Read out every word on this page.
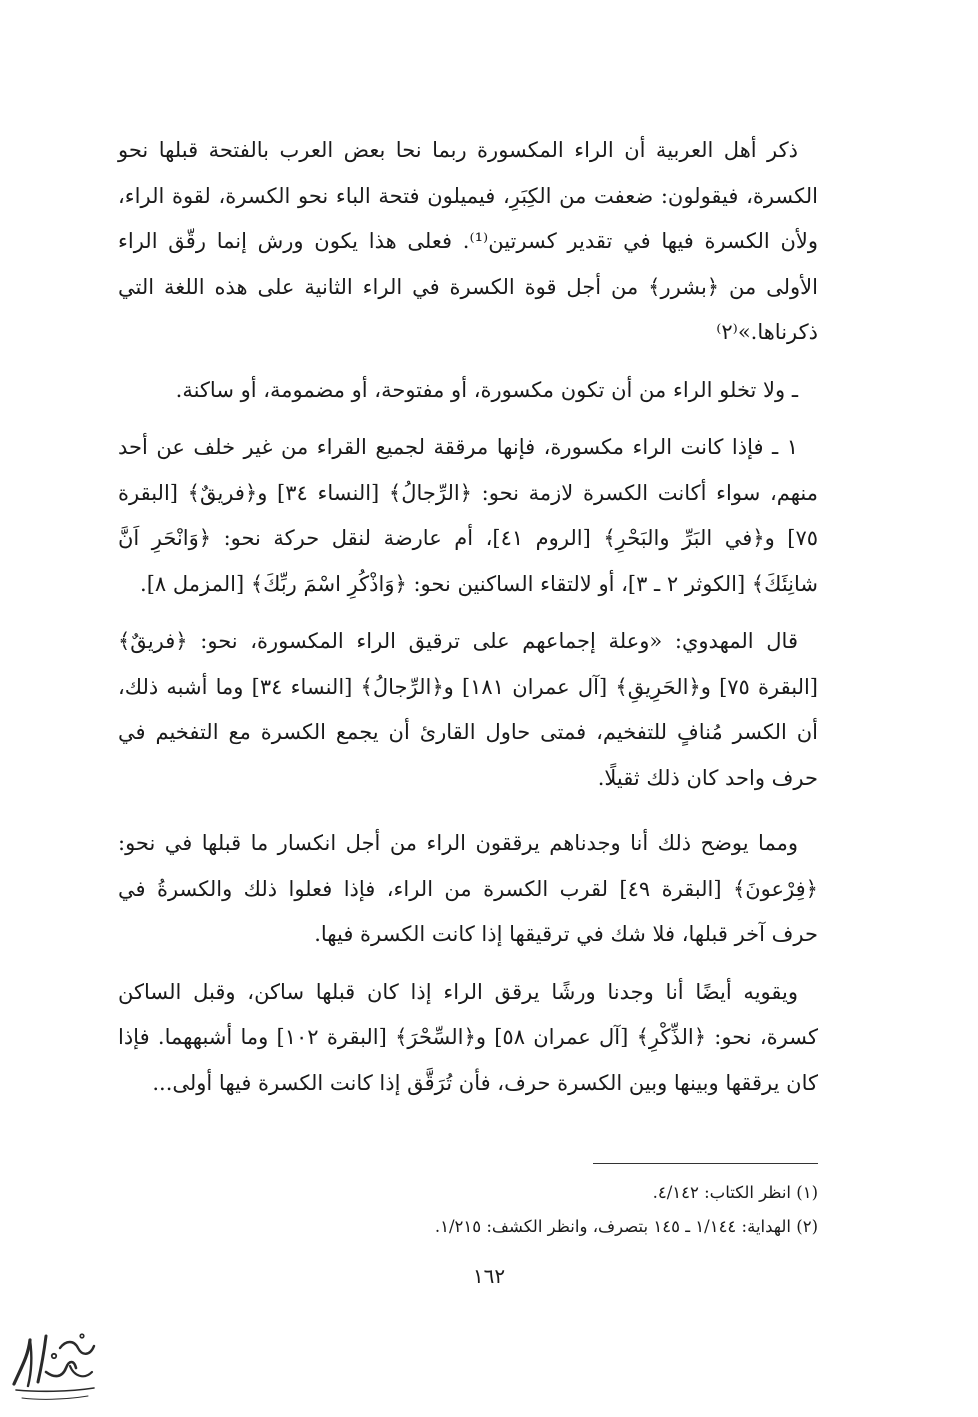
ذكر أهل العربية أن الراء المكسورة ربما نحا بعض العرب بالفتحة قبلها نحو الكسرة، فيقولون: ضعفت من الكِبَرِ، فيميلون فتحة الباء نحو الكسرة، لقوة الراء، ولأن الكسرة فيها في تقدير كسرتين⁽¹⁾. فعلى هذا يكون ورش إنما رقّق الراء الأولى من ﴿بشرر﴾ من أجل قوة الكسرة في الراء الثانية على هذه اللغة التي ذكرناها.»⁽٢⁾

ـ ولا تخلو الراء من أن تكون مكسورة، أو مفتوحة، أو مضمومة، أو ساكنة.

١ ـ فإذا كانت الراء مكسورة، فإنها مرققة لجميع القراء من غير خلف عن أحد منهم، سواء أكانت الكسرة لازمة نحو: ﴿الرِّجالُ﴾ [النساء ٣٤] و﴿فريقٌ﴾ [البقرة ٧٥] و﴿في البَرِّ والبَحْرِ﴾ [الروم ٤١]، أم عارضة لنقل حركة نحو: ﴿وَانْحَرِ اَنَّ شانِئَكَ﴾ [الكوثر ٢ ـ ٣]، أو لالتقاء الساكنين نحو: ﴿وَاذْكُرِ اسْمَ ربِّكَ﴾ [المزمل ٨].

قال المهدوي: «وعلة إجماعهم على ترقيق الراء المكسورة، نحو: ﴿فريقٌ﴾ [البقرة ٧٥] و﴿الحَرِيقِ﴾ [آل عمران ١٨١] و﴿الرِّجالُ﴾ [النساء ٣٤] وما أشبه ذلك، أن الكسر مُنافٍ للتفخيم، فمتى حاول القارئ أن يجمع الكسرة مع التفخيم في حرف واحد كان ذلك ثقيلًا.

ومما يوضح ذلك أنا وجدناهم يرققون الراء من أجل انكسار ما قبلها في نحو: ﴿فِرْعونَ﴾ [البقرة ٤٩] لقرب الكسرة من الراء، فإذا فعلوا ذلك والكسرةُ في حرف آخر قبلها، فلا شك في ترقيقها إذا كانت الكسرة فيها.

ويقويه أيضًا أنا وجدنا ورشًا يرقق الراء إذا كان قبلها ساكن، وقبل الساكن كسرة، نحو: ﴿الذِّكْرِ﴾ [آل عمران ٥٨] و﴿السِّحْرَ﴾ [البقرة ١٠٢] وما أشبههما. فإذا كان يرققها وبينها وبين الكسرة حرف، فأن تُرَقَّق إذا كانت الكسرة فيها أولى...

(١) انظر الكتاب: ٤/١٤٢.

(٢) الهداية: ١/١٤٤ ـ ١٤٥ بتصرف، وانظر الكشف: ١/٢١٥.

١٦٢
